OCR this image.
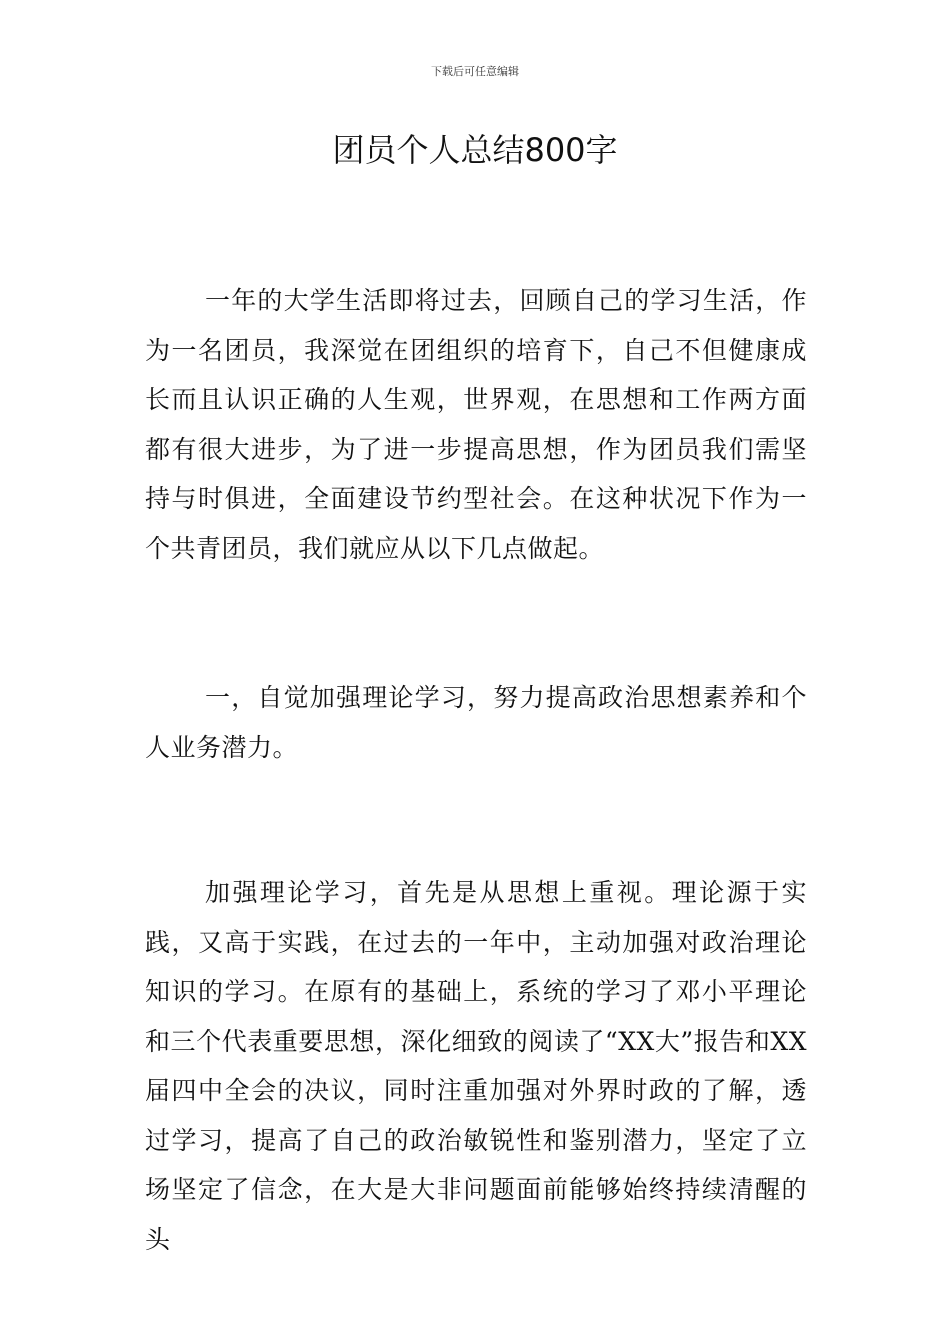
下载后可任意编辑
团员个人总结800字

一年的大学生活即将过去，回顾自己的学习生活，作为一名团员，我深觉在团组织的培育下，自己不但健康成长而且认识正确的人生观，世界观，在思想和工作两方面都有很大进步，为了进一步提高思想，作为团员我们需坚持与时俱进，全面建设节约型社会。在这种状况下作为一个共青团员，我们就应从以下几点做起。

一，自觉加强理论学习，努力提高政治思想素养和个人业务潜力。

加强理论学习，首先是从思想上重视。理论源于实践，又高于实践，在过去的一年中，主动加强对政治理论知识的学习。在原有的基础上，系统的学习了邓小平理论和三个代表重要思想，深化细致的阅读了“XX大”报告和XX届四中全会的决议，同时注重加强对外界时政的了解，透过学习，提高了自己的政治敏锐性和鉴别潜力，坚定了立场坚定了信念，在大是大非问题面前能够始终持续清醒的头
